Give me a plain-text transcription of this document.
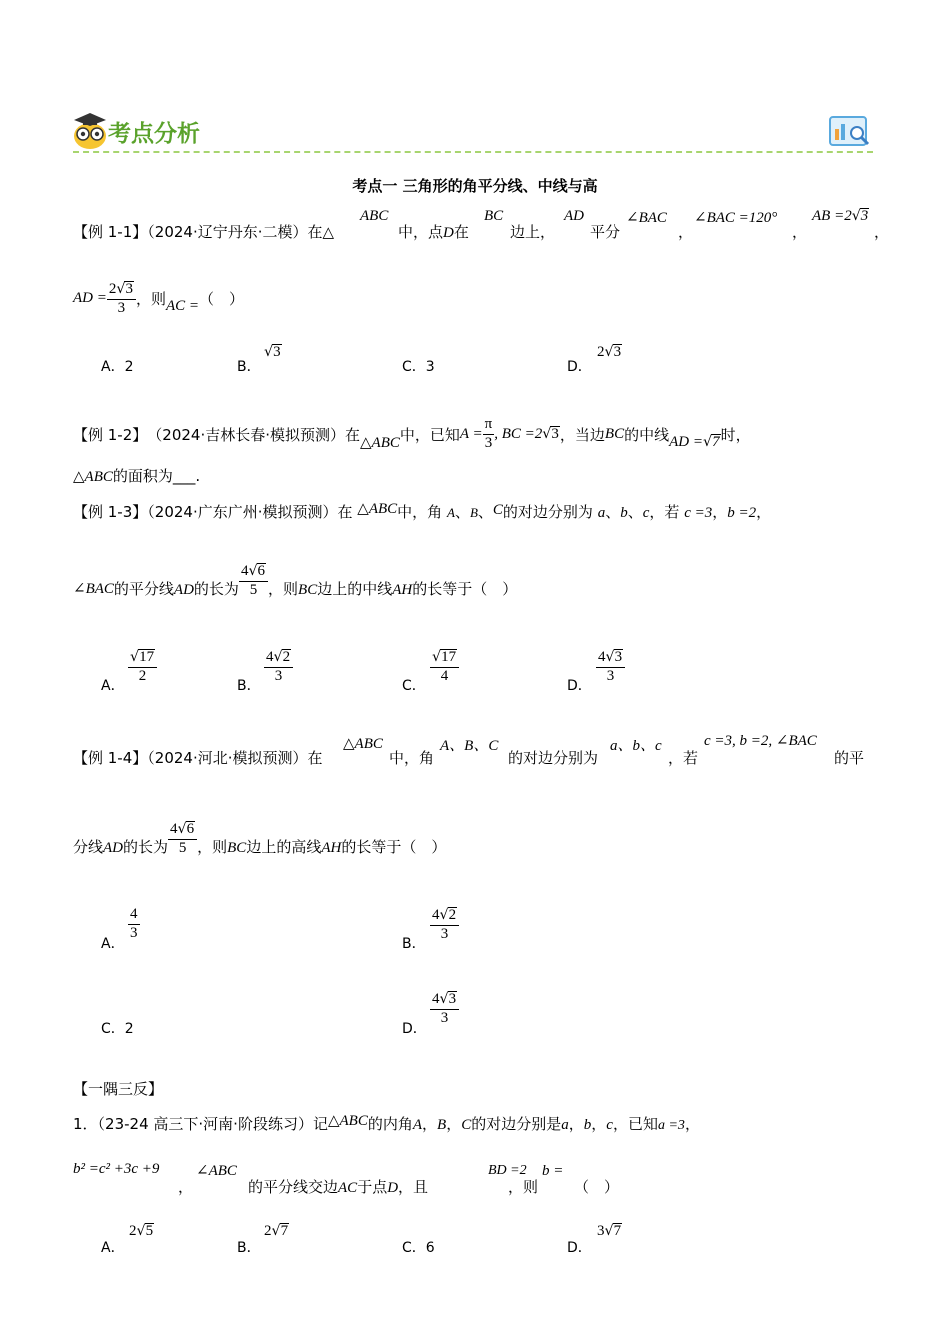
考点分析
考点一 三角形的角平分线、中线与高
【例 1-1】（2024·辽宁丹东·二模）在△
ABC
中，点D在
BC
边上，
AD
平分
∠BAC
，
∠BAC =120°
，
AB =2√3
，
AD = $\frac{2√3}{3}$ ，则 AC = （　）
A．2	B．
√3
C．3	D．
2√3
【例 1-2】 （2024·吉林长春·模拟预测） 在 △ABC 中，已知 $A = \frac{\pi}{3}$ , BC =2 √ 3 ，当边 BC 的中线 AD =√7 时，
△ABC的面积为___.
【例 1-3】（2024·广东广州·模拟预测）在 △ABC中，角 A、B、C的对边分别为 a、b、c，若 c =3，b =2，
∠BAC 的平分线AD的长为 $\frac{4√6}{5}$ ，则BC边上的中线AH的长等于（　）
A．
$\frac{√17}{2}$
B．
$\frac{4√2}{3}$
C．
$\frac{√17}{4}$
D．
$\frac{4√3}{3}$
【例 1-4】（2024·河北·模拟预测）在
△ABC
中，角
A、B、C
的对边分别为
a、b、c
，若
c =3, b =2, ∠BAC
的平
分线AD的长为 $\frac{4√6}{5}$ ，则BC边上的高线AH的长等于（　）
A．
$\frac{4}{3}$
B．
$\frac{4√2}{3}$
C．2	D．
$\frac{4√3}{3}$
【一隅三反】
1．（23-24 高三下·河南·阶段练习）记△ABC的内角A，B，C的对边分别是a，b，c，已知a =3，
b² =c² +3c +9
，
∠ABC
的平分线交边AC于点D，且
BD =2
，则
b =
（　）
A．
2√5
B．
2√7
C．6	D．
3√7
